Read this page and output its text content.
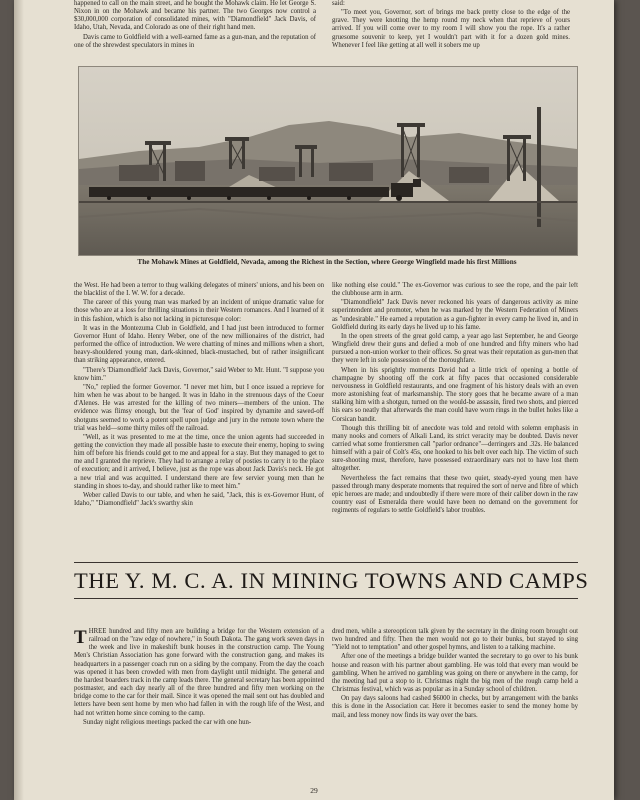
happened to call on the main street, and he bought the Mohawk claim. He let George S. Nixon in on the Mohawk and became his partner. The two Georges now control a $30,000,000 corporation of consolidated mines, with "Diamondfield" Jack Davis, of Idaho, Utah, Nevada, and Colorado as one of their right hand men.

Davis came to Goldfield with a well-earned fame as a gun-man, and the reputation of one of the shrewdest speculators in mines in

said:

"To meet you, Governor, sort of brings me back pretty close to the edge of the grave. They were knotting the hemp round my neck when that reprieve of yours arrived. If you will come over to my room I will show you the rope. It's a rather gruesome souvenir to keep, yet I wouldn't part with it for a dozen gold mines. Whenever I feel like getting at all well it sobers me up

The Mohawk Mines at Goldfield, Nevada, among the Richest in the Section, where George Wingfield made his first Millions

the West. He had been a terror to thug walking delegates of miners' unions, and his been on the blacklist of the I. W. W. for a decade.

The career of this young man was marked by an incident of unique dramatic value for those who are at a loss for thrilling situations in their Western romances. And I learned of it in this fashion, which is also not lacking in picturesque color:

It was in the Montezuma Club in Goldfield, and I had just been introduced to former Governor Hunt of Idaho. Henry Weber, one of the new millionaires of the district, had performed the office of introduction. We were chatting of mines and millions when a short, heavy-shouldered young man, dark-skinned, black-mustached, but of rather insignificant than striking appearance, entered.

"There's 'Diamondfield' Jack Davis, Governor," said Weber to Mr. Hunt. "I suppose you know him."

"No," replied the former Governor. "I never met him, but I once issued a reprieve for him when he was about to be hanged. It was in Idaho in the strenuous days of the Coeur d'Alenes. He was arrested for the killing of two miners—members of the union. The evidence was flimsy enough, but the 'fear of God' inspired by dynamite and sawed-off shotguns seemed to work a potent spell upon judge and jury in the remote town where the trial was held—some thirty miles off the railroad.

"Well, as it was presented to me at the time, once the union agents had succeeded in getting the conviction they made all possible haste to execute their enemy, hoping to swing him off before his friends could get to me and appeal for a stay. But they managed to get to me and I granted the reprieve. They had to arrange a relay of posties to carry it to the place of execution; and it arrived, I believe, just as the rope was about Jack Davis's neck. He got a new trial and was acquitted. I understand there are few servier young men than he standing in shoes to-day, and should rather like to meet him."

Weber called Davis to our table, and when he said, "Jack, this is ex-Governor Hunt, of Idaho," "Diamondfield" Jack's swarthy skin

like nothing else could." The ex-Governor was curious to see the rope, and the pair left the clubhouse arm in arm.

"Diamondfield" Jack Davis never reckoned his years of dangerous activity as mine superintendent and promoter, when he was marked by the Western Federation of Miners as "undesirable." He earned a reputation as a gun-fighter in every camp he lived in, and in Goldfield during its early days he lived up to his fame.

In the open streets of the great gold camp, a year ago last September, he and George Wingfield drew their guns and defied a mob of one hundred and fifty miners who had pursued a non-union worker to their offices. So great was their reputation as gun-men that they were left in sole possession of the thoroughfare.

When in his sprightly moments David had a little trick of opening a bottle of champagne by shooting off the cork at fifty paces that occasioned considerable nervousness in Goldfield restaurants, and one fragment of his history deals with an even more astonishing feat of marksmanship. The story goes that he became aware of a man stalking him with a shotgun, turned on the would-be assassin, fired two shots, and pierced his ears so neatly that afterwards the man could have worn rings in the bullet holes like a Corsican bandit.

Though this thrilling bit of anecdote was told and retold with solemn emphasis in many nooks and corners of Alkali Land, its strict veracity may be doubted. Davis never carried what some frontiersmen call "parlor ordnance"—derringers and .32s. He balanced himself with a pair of Colt's 45s, one hooked to his belt over each hip. The victim of such sure-shooting must, therefore, have possessed extraordinary ears not to have lost them altogether.

Nevertheless the fact remains that these two quiet, steady-eyed young men have passed through many desperate moments that required the sort of nerve and fibre of which epic heroes are made; and undoubtedly if there were more of their caliber down in the raw country east of Esmeralda there would have been no demand on the government for regiments of regulars to settle Goldfield's labor troubles.

THE Y. M. C. A. IN MINING TOWNS AND CAMPS

THREE hundred and fifty men are building a bridge for the Western extension of a railroad on the "raw edge of nowhere," in South Dakota. The gang work seven days in the week and live in makeshift bunk houses in the construction camp. The Young Men's Christian Association has gone forward with the construction gang, and makes its headquarters in a passenger coach run on a siding by the company. From the day the coach was opened it has been crowded with men from daylight until midnight. The general and the hardest boarders track in the camp leads there. The general secretary has been appointed postmaster, and each day nearly all of the three hundred and fifty men working on the bridge come to the car for their mail. Since it was opened the mail sent out has doubled and letters have been sent home by men who had fallen in with the rough life of the West, and had not written home since coming to the camp.

Sunday night religious meetings packed the car with one hun-

dred men, while a stereopticon talk given by the secretary in the dining room brought out two hundred and fifty. Then the men would not go to their bunks, but stayed to sing "Yield not to temptation" and other gospel hymns, and listen to a talking machine.

After one of the meetings a bridge builder wanted the secretary to go over to his bunk house and reason with his partner about gambling. He was told that every man would be gambling. When he arrived no gambling was going on there or anywhere in the camp, for the meeting had put a stop to it. Christmas night the big men of the rough camp held a Christmas festival, which was as popular as in a Sunday school of children.

On pay days saloons had cashed $6000 in checks, but by arrangement with the banks this is done in the Association car. Here it becomes easier to send the money home by mail, and less money now finds its way over the bars.

29
